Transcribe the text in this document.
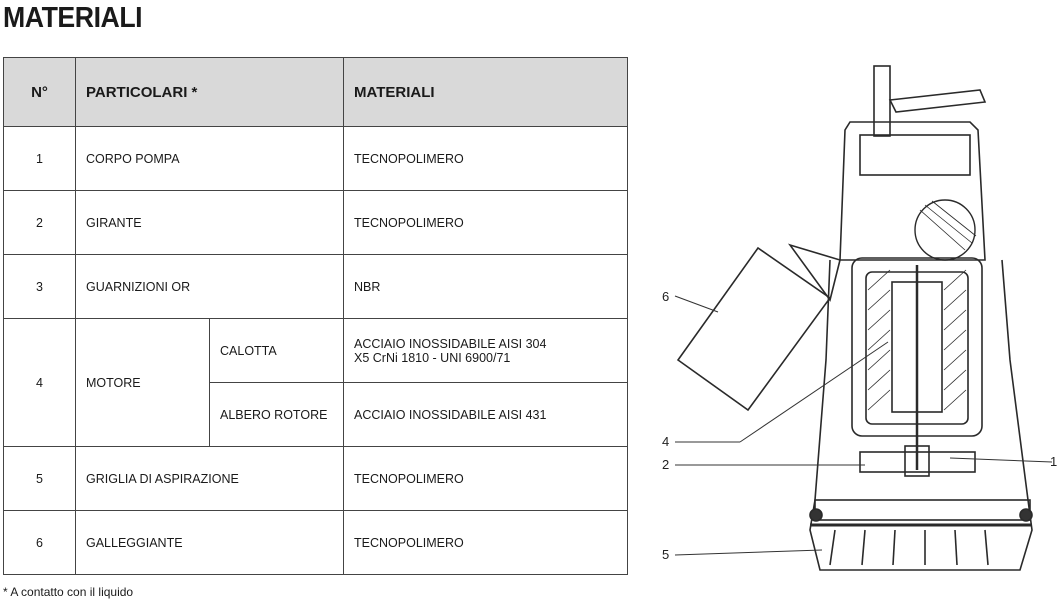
MATERIALI
N°	PARTICOLARI *		MATERIALI
1	CORPO POMPA		TECNOPOLIMERO
2	GIRANTE		TECNOPOLIMERO
3	GUARNIZIONI OR		NBR
4	MOTORE	CALOTTA	ACCIAIO INOSSIDABILE AISI 304
X5 CrNi 1810 - UNI 6900/71

		ALBERO ROTORE	ACCIAIO INOSSIDABILE AISI 431
5	GRIGLIA DI ASPIRAZIONE		TECNOPOLIMERO
6	GALLEGGIANTE		TECNOPOLIMERO
* A contatto con il liquido
6
4
2
5
1
